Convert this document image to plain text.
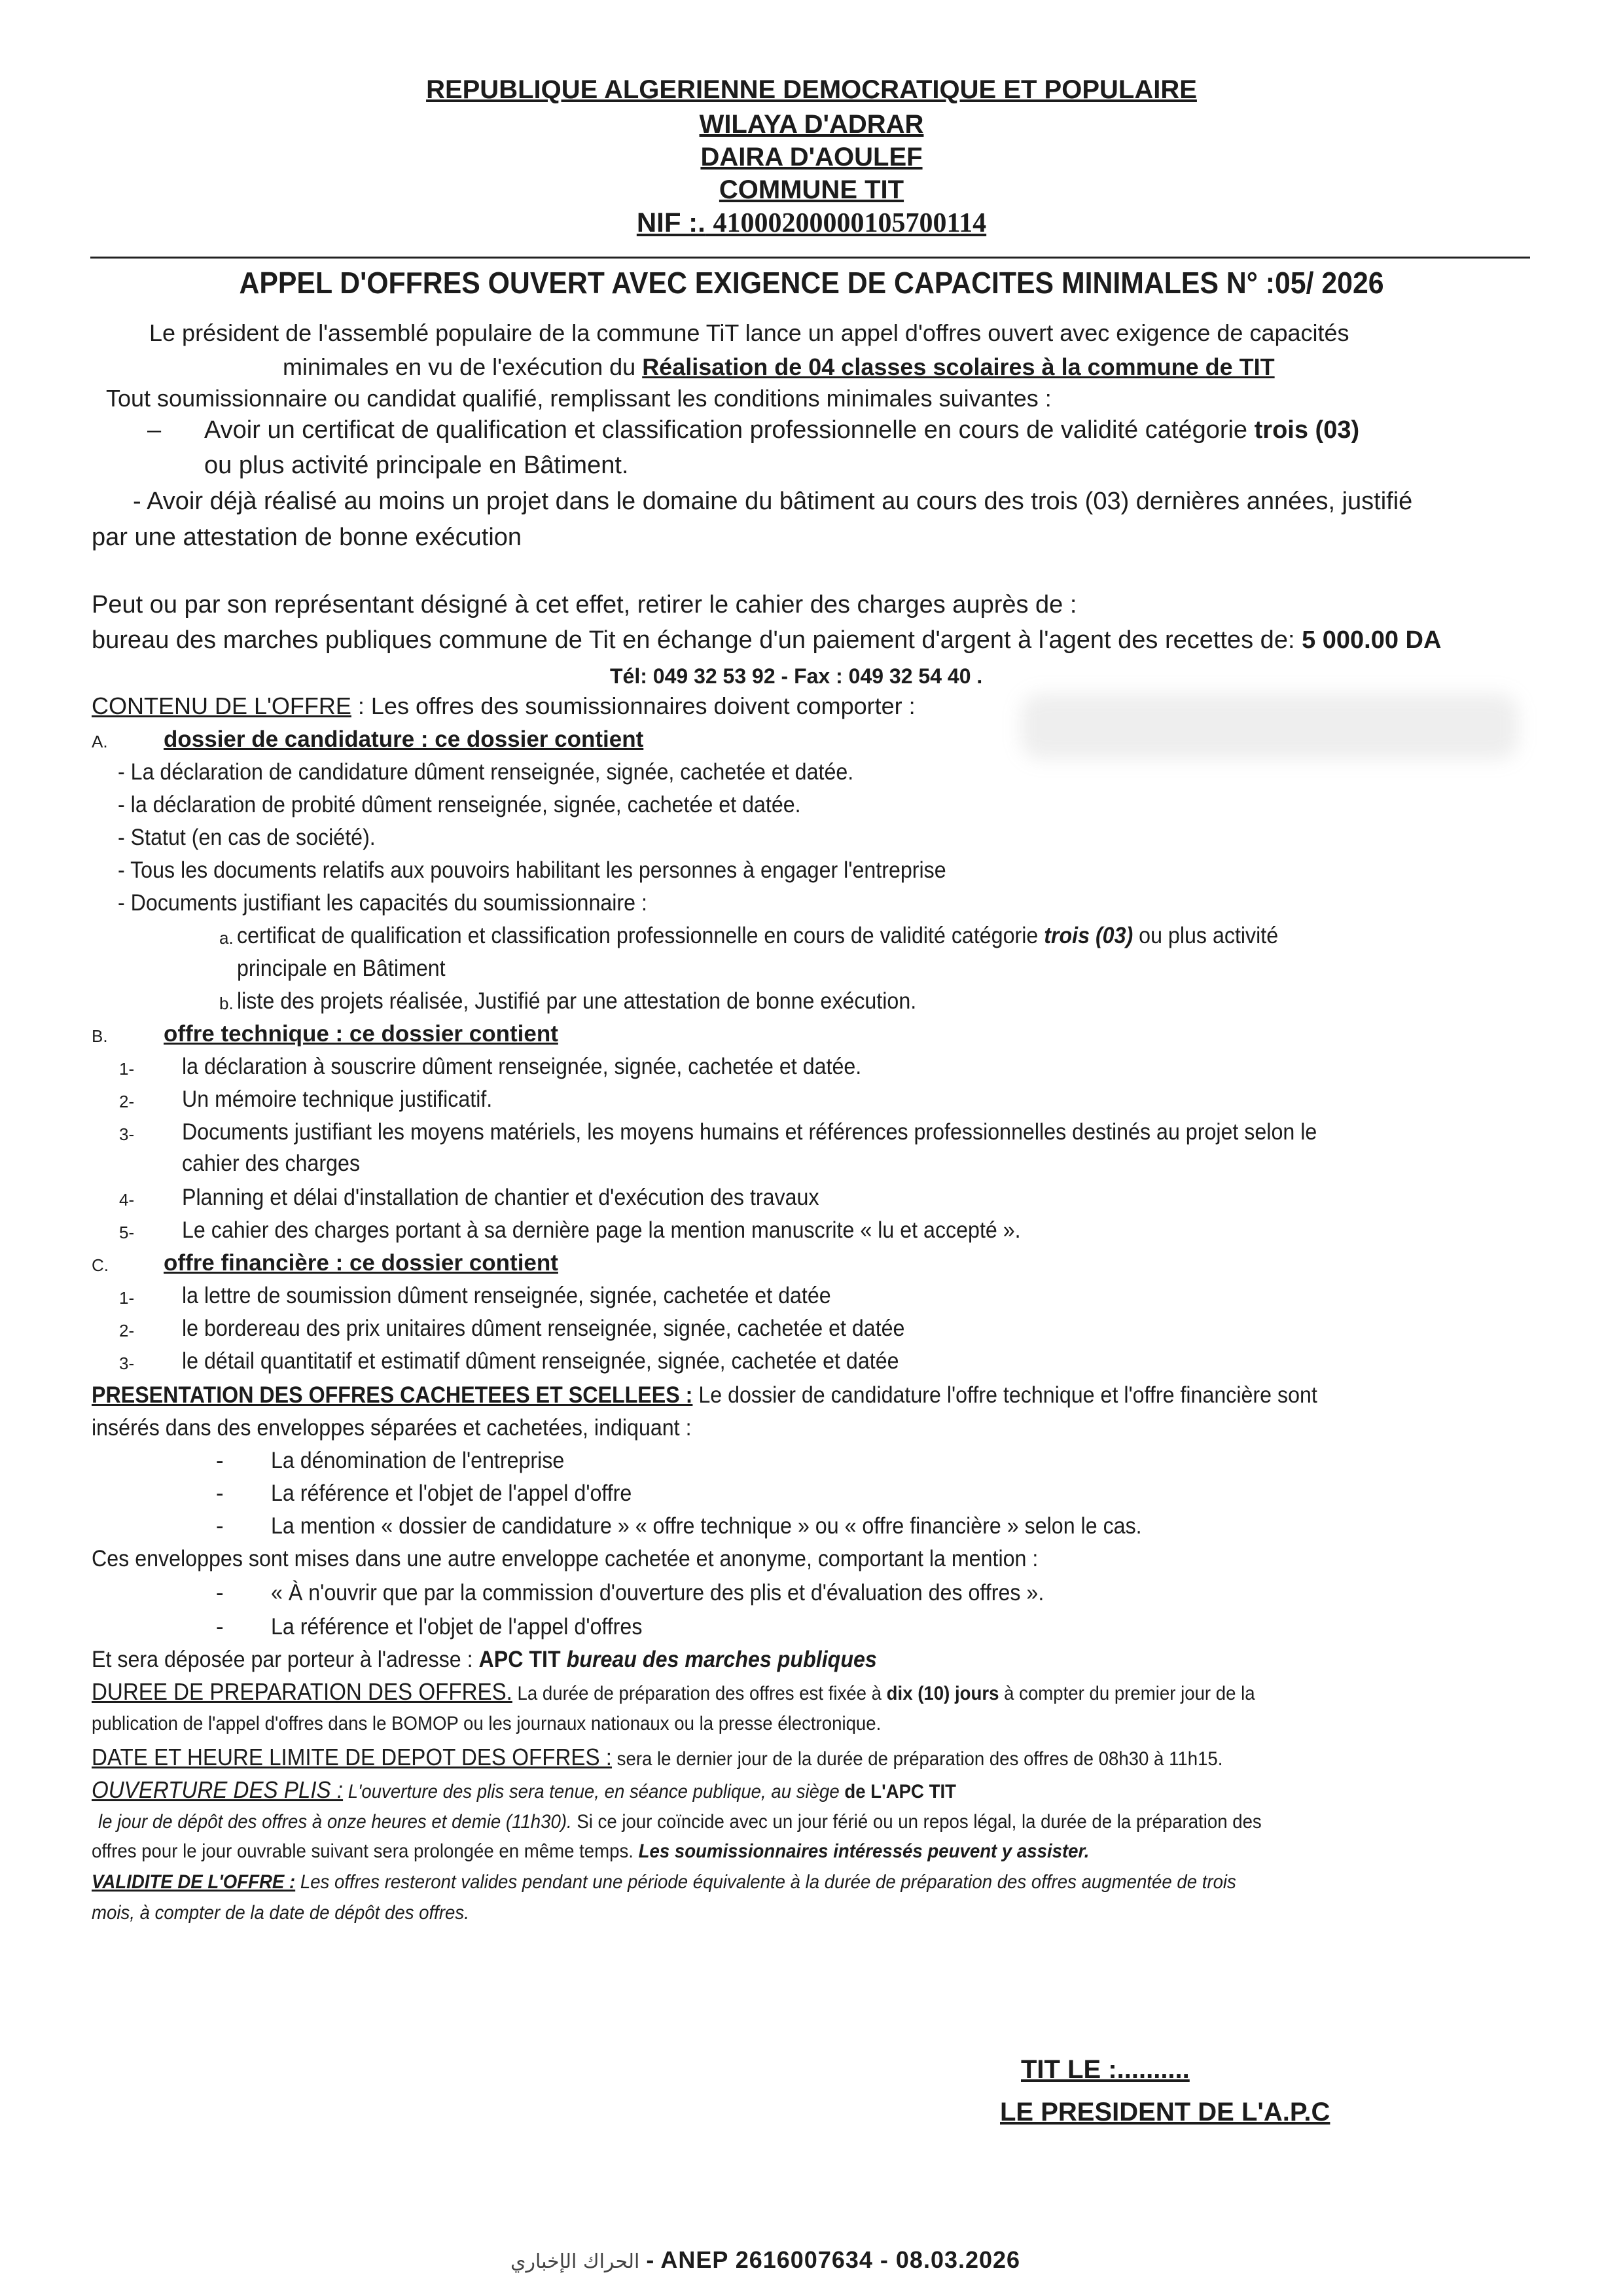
REPUBLIQUE ALGERIENNE DEMOCRATIQUE ET POPULAIRE
WILAYA D'ADRAR
DAIRA D'AOULEF
COMMUNE TIT
NIF :. 41000200000105700114
APPEL D'OFFRES OUVERT AVEC EXIGENCE DE CAPACITES MINIMALES N° :05/ 2026
Le président de l'assemblé populaire de la commune TiT lance un appel d'offres ouvert avec exigence de capacités
minimales en vu de l'exécution du Réalisation de 04 classes scolaires à la commune de TIT
Tout soumissionnaire ou candidat qualifié, remplissant les conditions minimales suivantes :
– Avoir un certificat de qualification et classification professionnelle en cours de validité catégorie trois (03)
ou plus activité principale en Bâtiment.
- Avoir déjà réalisé au moins un projet dans le domaine du bâtiment au cours des trois (03) dernières années, justifié
par une attestation de bonne exécution
Peut ou par son représentant désigné à cet effet, retirer le cahier des charges auprès de :
bureau des marches publiques commune de Tit en échange d'un paiement d'argent à l'agent des recettes de: 5 000.00 DA
Tél: 049 32 53 92 - Fax : 049 32 54 40 .
CONTENU DE L'OFFRE : Les offres des soumissionnaires doivent comporter :
A. dossier de candidature : ce dossier contient
- La déclaration de candidature dûment renseignée, signée, cachetée et datée.
- la déclaration de probité dûment renseignée, signée, cachetée et datée.
- Statut (en cas de société).
- Tous les documents relatifs aux pouvoirs habilitant les personnes à engager l'entreprise
- Documents justifiant les capacités du soumissionnaire :
a. certificat de qualification et classification professionnelle en cours de validité catégorie trois (03) ou plus activité
principale en Bâtiment
b. liste des projets réalisée, Justifié par une attestation de bonne exécution.
B. offre technique : ce dossier contient
1- la déclaration à souscrire dûment renseignée, signée, cachetée et datée.
2- Un mémoire technique justificatif.
3- Documents justifiant les moyens matériels, les moyens humains et références professionnelles destinés au projet selon le
cahier des charges
4- Planning et délai d'installation de chantier et d'exécution des travaux
5- Le cahier des charges portant à sa dernière page la mention manuscrite « lu et accepté ».
C. offre financière : ce dossier contient
1- la lettre de soumission dûment renseignée, signée, cachetée et datée
2- le bordereau des prix unitaires dûment renseignée, signée, cachetée et datée
3- le détail quantitatif et estimatif dûment renseignée, signée, cachetée et datée
PRESENTATION DES OFFRES CACHETEES ET SCELLEES : Le dossier de candidature l'offre technique et l'offre financière sont
insérés dans des enveloppes séparées et cachetées, indiquant :
- La dénomination de l'entreprise
- La référence et l'objet de l'appel d'offre
- La mention « dossier de candidature » « offre technique » ou « offre financière » selon le cas.
Ces enveloppes sont mises dans une autre enveloppe cachetée et anonyme, comportant la mention :
- « À n'ouvrir que par la commission d'ouverture des plis et d'évaluation des offres ».
- La référence et l'objet de l'appel d'offres
Et sera déposée par porteur à l'adresse : APC TIT bureau des marches publiques
DUREE DE PREPARATION DES OFFRES. La durée de préparation des offres est fixée à dix (10) jours à compter du premier jour de la
publication de l'appel d'offres dans le BOMOP ou les journaux nationaux ou la presse électronique.
DATE ET HEURE LIMITE DE DEPOT DES OFFRES : sera le dernier jour de la durée de préparation des offres de 08h30 à 11h15.
OUVERTURE DES PLIS : L'ouverture des plis sera tenue, en séance publique, au siège de L'APC TIT
le jour de dépôt des offres à onze heures et demie (11h30). Si ce jour coïncide avec un jour férié ou un repos légal, la durée de la préparation des
offres pour le jour ouvrable suivant sera prolongée en même temps. Les soumissionnaires intéressés peuvent y assister.
VALIDITE DE L'OFFRE : Les offres resteront valides pendant une période équivalente à la durée de préparation des offres augmentée de trois
mois, à compter de la date de dépôt des offres.
TIT LE :..........
LE PRESIDENT DE L'A.P.C
الحراك الإخباري - ANEP 2616007634 - 08.03.2026
